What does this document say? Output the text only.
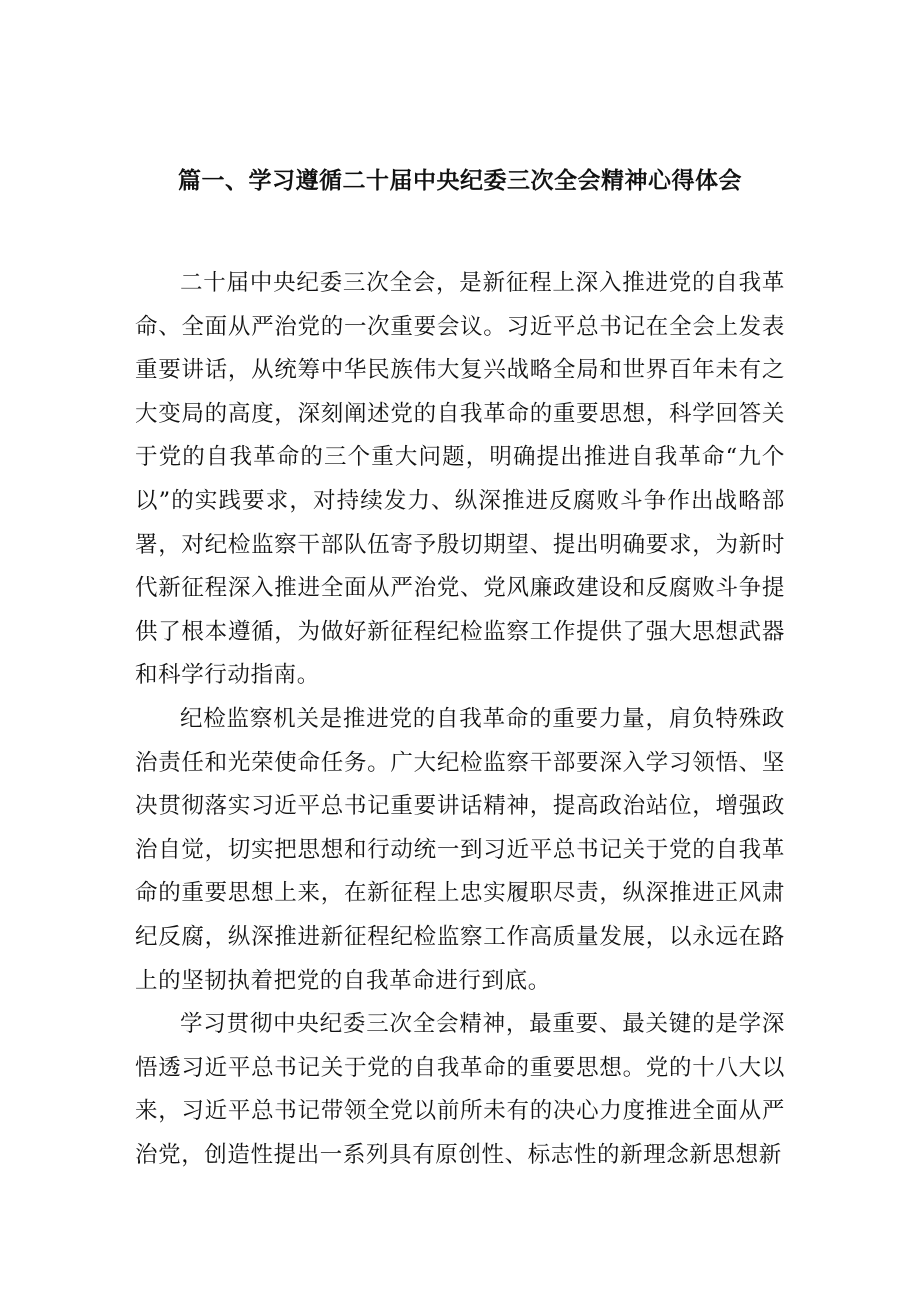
篇一、学习遵循二十届中央纪委三次全会精神心得体会

二十届中央纪委三次全会，是新征程上深入推进党的自我革命、全面从严治党的一次重要会议。习近平总书记在全会上发表重要讲话，从统筹中华民族伟大复兴战略全局和世界百年未有之大变局的高度，深刻阐述党的自我革命的重要思想，科学回答关于党的自我革命的三个重大问题，明确提出推进自我革命“九个以”的实践要求，对持续发力、纵深推进反腐败斗争作出战略部署，对纪检监察干部队伍寄予殷切期望、提出明确要求，为新时代新征程深入推进全面从严治党、党风廉政建设和反腐败斗争提供了根本遵循，为做好新征程纪检监察工作提供了强大思想武器和科学行动指南。

纪检监察机关是推进党的自我革命的重要力量，肩负特殊政治责任和光荣使命任务。广大纪检监察干部要深入学习领悟、坚决贯彻落实习近平总书记重要讲话精神，提高政治站位，增强政治自觉，切实把思想和行动统一到习近平总书记关于党的自我革命的重要思想上来，在新征程上忠实履职尽责，纵深推进正风肃纪反腐，纵深推进新征程纪检监察工作高质量发展，以永远在路上的坚韧执着把党的自我革命进行到底。

学习贯彻中央纪委三次全会精神，最重要、最关键的是学深悟透习近平总书记关于党的自我革命的重要思想。党的十八大以来，习近平总书记带领全党以前所未有的决心力度推进全面从严治党，创造性提出一系列具有原创性、标志性的新理念新思想新
